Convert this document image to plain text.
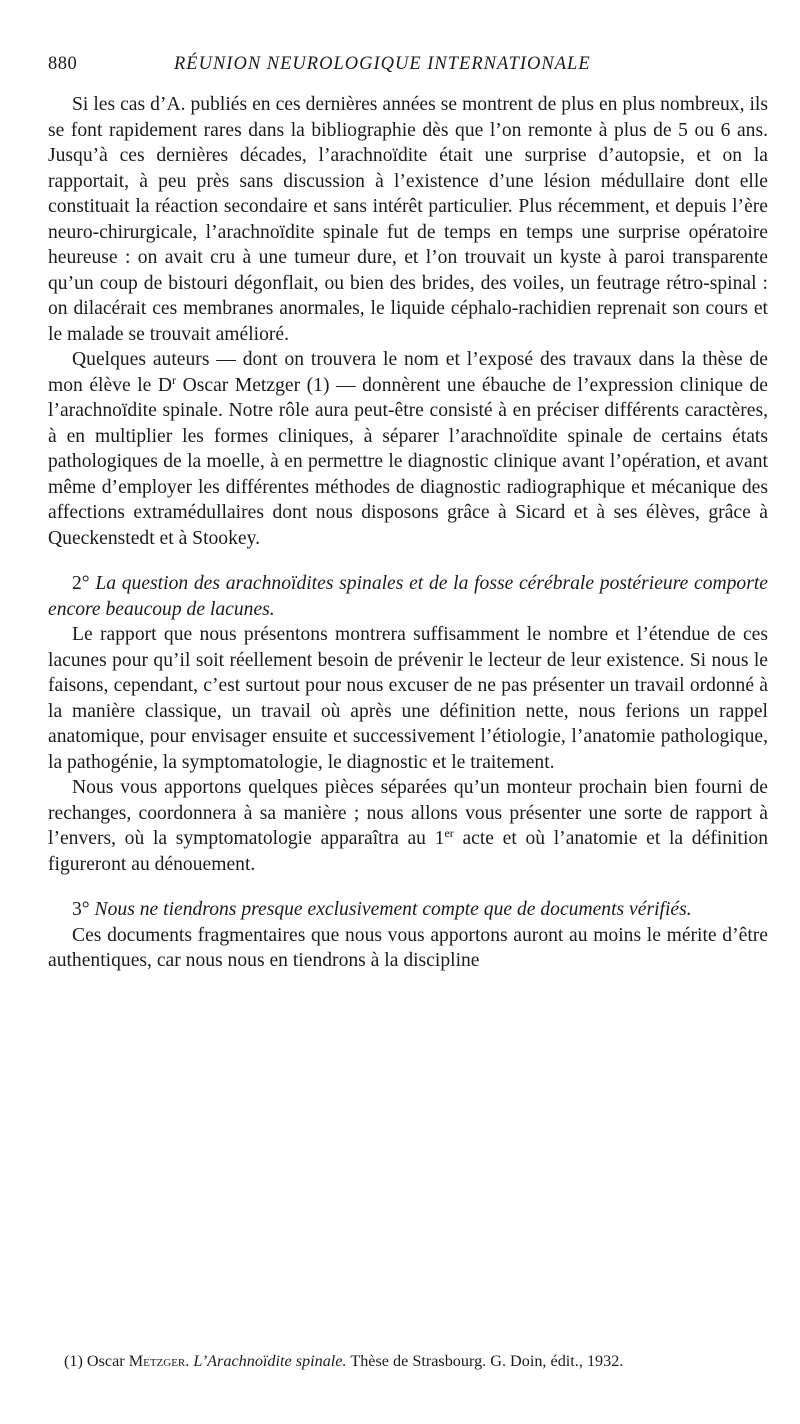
880	RÉUNION NEUROLOGIQUE INTERNATIONALE

Si les cas d’A. publiés en ces dernières années se montrent de plus en plus nombreux, ils se font rapidement rares dans la bibliographie dès que l’on remonte à plus de 5 ou 6 ans. Jusqu’à ces dernières décades, l’arachnoïdite était une surprise d’autopsie, et on la rapportait, à peu près sans discussion à l’existence d’une lésion médullaire dont elle constituait la réaction secondaire et sans intérêt particulier. Plus récemment, et depuis l’ère neuro-chirurgicale, l’arachnoïdite spinale fut de temps en temps une surprise opératoire heureuse : on avait cru à une tumeur dure, et l’on trouvait un kyste à paroi transparente qu’un coup de bistouri dégonflait, ou bien des brides, des voiles, un feutrage rétro-spinal : on dilacérait ces membranes anormales, le liquide céphalo-rachidien reprenait son cours et le malade se trouvait amélioré.

Quelques auteurs — dont on trouvera le nom et l’exposé des travaux dans la thèse de mon élève le $D^r$ Oscar Metzger (1) — donnèrent une ébauche de l’expression clinique de l’arachnoïdite spinale. Notre rôle aura peut-être consisté à en préciser différents caractères, à en multiplier les formes cliniques, à séparer l’arachnoïdite spinale de certains états pathologiques de la moelle, à en permettre le diagnostic clinique avant l’opération, et avant même d’employer les différentes méthodes de diagnostic radiographique et mécanique des affections extramédullaires dont nous disposons grâce à Sicard et à ses élèves, grâce à Queckenstedt et à Stookey.

2° La question des arachnoïdites spinales et de la fosse cérébrale postérieure comporte encore beaucoup de lacunes.

Le rapport que nous présentons montrera suffisamment le nombre et l’étendue de ces lacunes pour qu’il soit réellement besoin de prévenir le lecteur de leur existence. Si nous le faisons, cependant, c’est surtout pour nous excuser de ne pas présenter un travail ordonné à la manière classique, un travail où après une définition nette, nous ferions un rappel anatomique, pour envisager ensuite et successivement l’étiologie, l’anatomie pathologique, la pathogénie, la symptomatologie, le diagnostic et le traitement.

Nous vous apportons quelques pièces séparées qu’un monteur prochain bien fourni de rechanges, coordonnera à sa manière ; nous allons vous présenter une sorte de rapport à l’envers, où la symptomatologie apparaîtra au 1er acte et où l’anatomie et la définition figureront au dénouement.

3° Nous ne tiendrons presque exclusivement compte que de documents vérifiés.

Ces documents fragmentaires que nous vous apportons auront au moins le mérite d’être authentiques, car nous nous en tiendrons à la discipline

(1) Oscar Metzger. L’Arachnoïdite spinale. Thèse de Strasbourg. G. Doin, édit., 1932.
